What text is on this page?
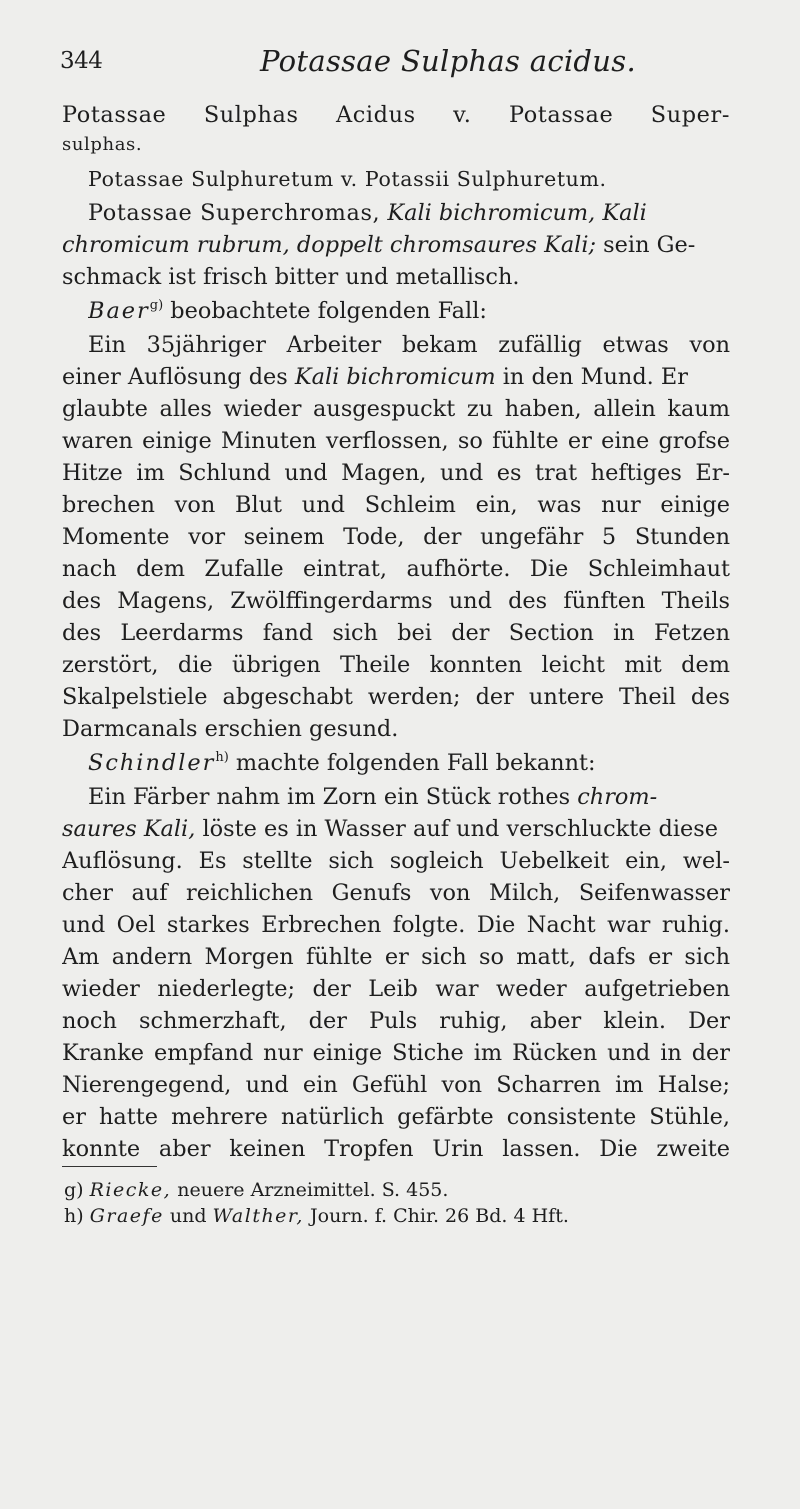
344	Potassae Sulphas acidus.
Potassae Sulphas Acidus v. Potassae Super-
sulphas.
Potassae Sulphuretum v. Potassii Sulphuretum.
Potassae Superchromas, Kali bichromicum, Kali
chromicum rubrum, doppelt chromsaures Kali; sein Ge-
schmack ist frisch bitter und metallisch.
Baer$^{g)}$ beobachtete folgenden Fall:
Ein 35jähriger Arbeiter bekam zufällig etwas von
einer Auflösung des Kali bichromicum in den Mund. Er
glaubte alles wieder ausgespuckt zu haben, allein kaum
waren einige Minuten verflossen, so fühlte er eine grofse
Hitze im Schlund und Magen, und es trat heftiges Er-
brechen von Blut und Schleim ein, was nur einige
Momente vor seinem Tode, der ungefähr 5 Stunden
nach dem Zufalle eintrat, aufhörte. Die Schleimhaut
des Magens, Zwölffingerdarms und des fünften Theils
des Leerdarms fand sich bei der Section in Fetzen
zerstört, die übrigen Theile konnten leicht mit dem
Skalpelstiele abgeschabt werden; der untere Theil des
Darmcanals erschien gesund.
Schindler$^{h)}$ machte folgenden Fall bekannt:
Ein Färber nahm im Zorn ein Stück rothes chrom-
saures Kali, löste es in Wasser auf und verschluckte diese
Auflösung. Es stellte sich sogleich Uebelkeit ein, wel-
cher auf reichlichen Genufs von Milch, Seifenwasser
und Oel starkes Erbrechen folgte. Die Nacht war ruhig.
Am andern Morgen fühlte er sich so matt, dafs er sich
wieder niederlegte; der Leib war weder aufgetrieben
noch schmerzhaft, der Puls ruhig, aber klein. Der
Kranke empfand nur einige Stiche im Rücken und in der
Nierengegend, und ein Gefühl von Scharren im Halse;
er hatte mehrere natürlich gefärbte consistente Stühle,
konnte aber keinen Tropfen Urin lassen. Die zweite
g) Riecke, neuere Arzneimittel. S. 455.
h) Graefe und Walther, Journ. f. Chir. 26 Bd. 4 Hft.
